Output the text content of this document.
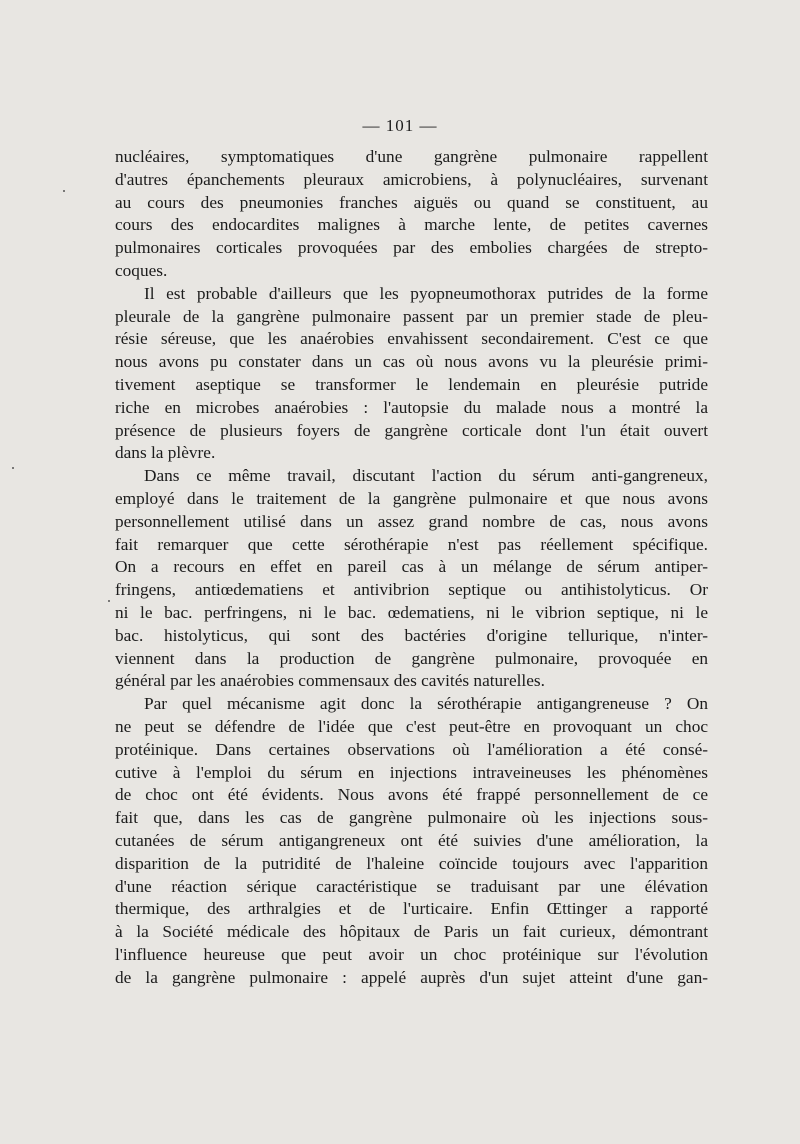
— 101 —
nucléaires, symptomatiques d'une gangrène pulmonaire rappellent
d'autres épanchements pleuraux amicrobiens, à polynucléaires, survenant
au cours des pneumonies franches aiguës ou quand se constituent, au
cours des endocardites malignes à marche lente, de petites cavernes
pulmonaires corticales provoquées par des embolies chargées de strepto-
coques.
Il est probable d'ailleurs que les pyopneumothorax putrides de la forme
pleurale de la gangrène pulmonaire passent par un premier stade de pleu-
résie séreuse, que les anaérobies envahissent secondairement. C'est ce que
nous avons pu constater dans un cas où nous avons vu la pleurésie primi-
tivement aseptique se transformer le lendemain en pleurésie putride
riche en microbes anaérobies : l'autopsie du malade nous a montré la
présence de plusieurs foyers de gangrène corticale dont l'un était ouvert
dans la plèvre.
Dans ce même travail, discutant l'action du sérum anti-gangreneux,
employé dans le traitement de la gangrène pulmonaire et que nous avons
personnellement utilisé dans un assez grand nombre de cas, nous avons
fait remarquer que cette sérothérapie n'est pas réellement spécifique.
On a recours en effet en pareil cas à un mélange de sérum antiper-
fringens, antiœdematiens et antivibrion septique ou antihistolyticus. Or
ni le bac. perfringens, ni le bac. œdematiens, ni le vibrion septique, ni le
bac. histolyticus, qui sont des bactéries d'origine tellurique, n'inter-
viennent dans la production de gangrène pulmonaire, provoquée en
général par les anaérobies commensaux des cavités naturelles.
Par quel mécanisme agit donc la sérothérapie antigangreneuse ? On
ne peut se défendre de l'idée que c'est peut-être en provoquant un choc
protéinique. Dans certaines observations où l'amélioration a été consé-
cutive à l'emploi du sérum en injections intraveineuses les phénomènes
de choc ont été évidents. Nous avons été frappé personnellement de ce
fait que, dans les cas de gangrène pulmonaire où les injections sous-
cutanées de sérum antigangreneux ont été suivies d'une amélioration, la
disparition de la putridité de l'haleine coïncide toujours avec l'apparition
d'une réaction sérique caractéristique se traduisant par une élévation
thermique, des arthralgies et de l'urticaire. Enfin Œttinger a rapporté
à la Société médicale des hôpitaux de Paris un fait curieux, démontrant
l'influence heureuse que peut avoir un choc protéinique sur l'évolution
de la gangrène pulmonaire : appelé auprès d'un sujet atteint d'une gan-
